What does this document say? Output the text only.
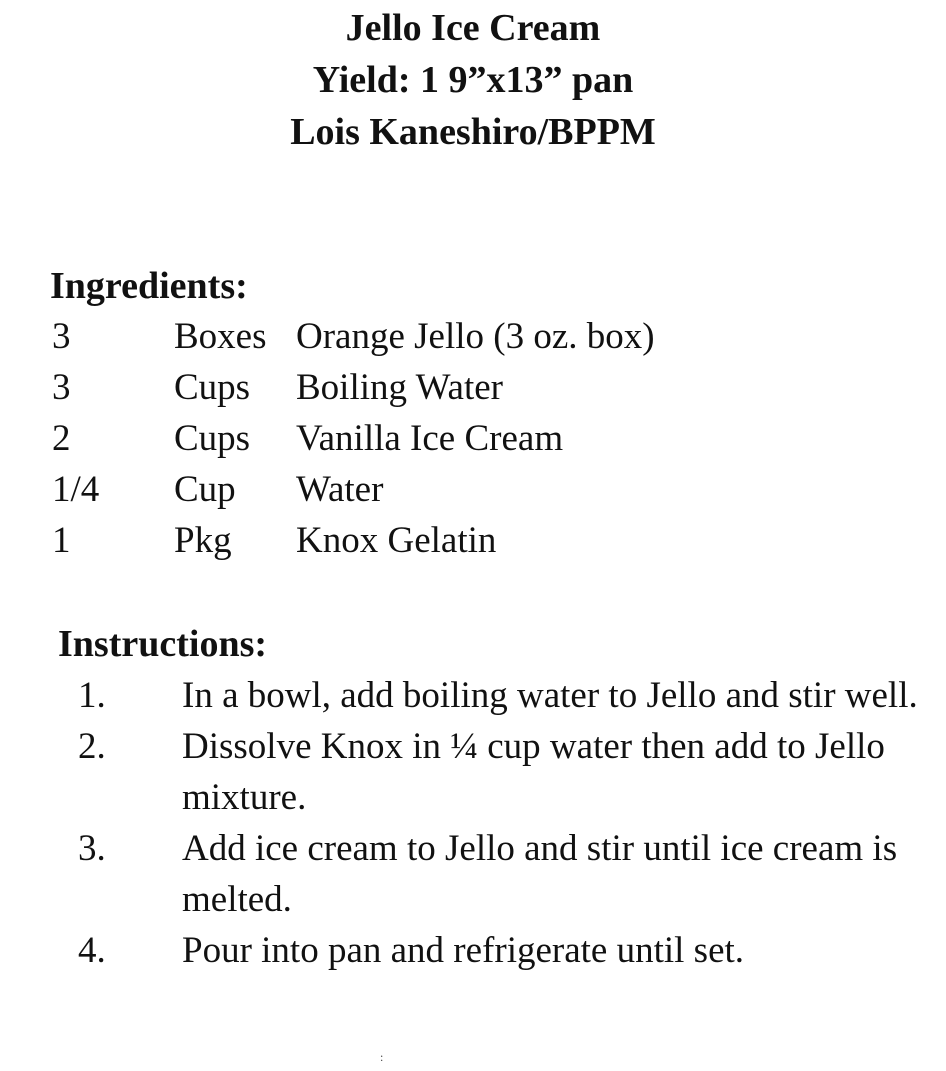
Jello Ice Cream
Yield: 1 9”x13” pan
Lois Kaneshiro/BPPM
Ingredients:
3	Boxes Orange Jello (3 oz. box)
3	Cups Boiling Water
2	Cups Vanilla Ice Cream
1/4 Cup Water
1	Pkg Knox Gelatin
Instructions:
1. In a bowl, add boiling water to Jello and stir well.
2. Dissolve Knox in ¼ cup water then add to Jello mixture.
3. Add ice cream to Jello and stir until ice cream is melted.
4. Pour into pan and refrigerate until set.
:
